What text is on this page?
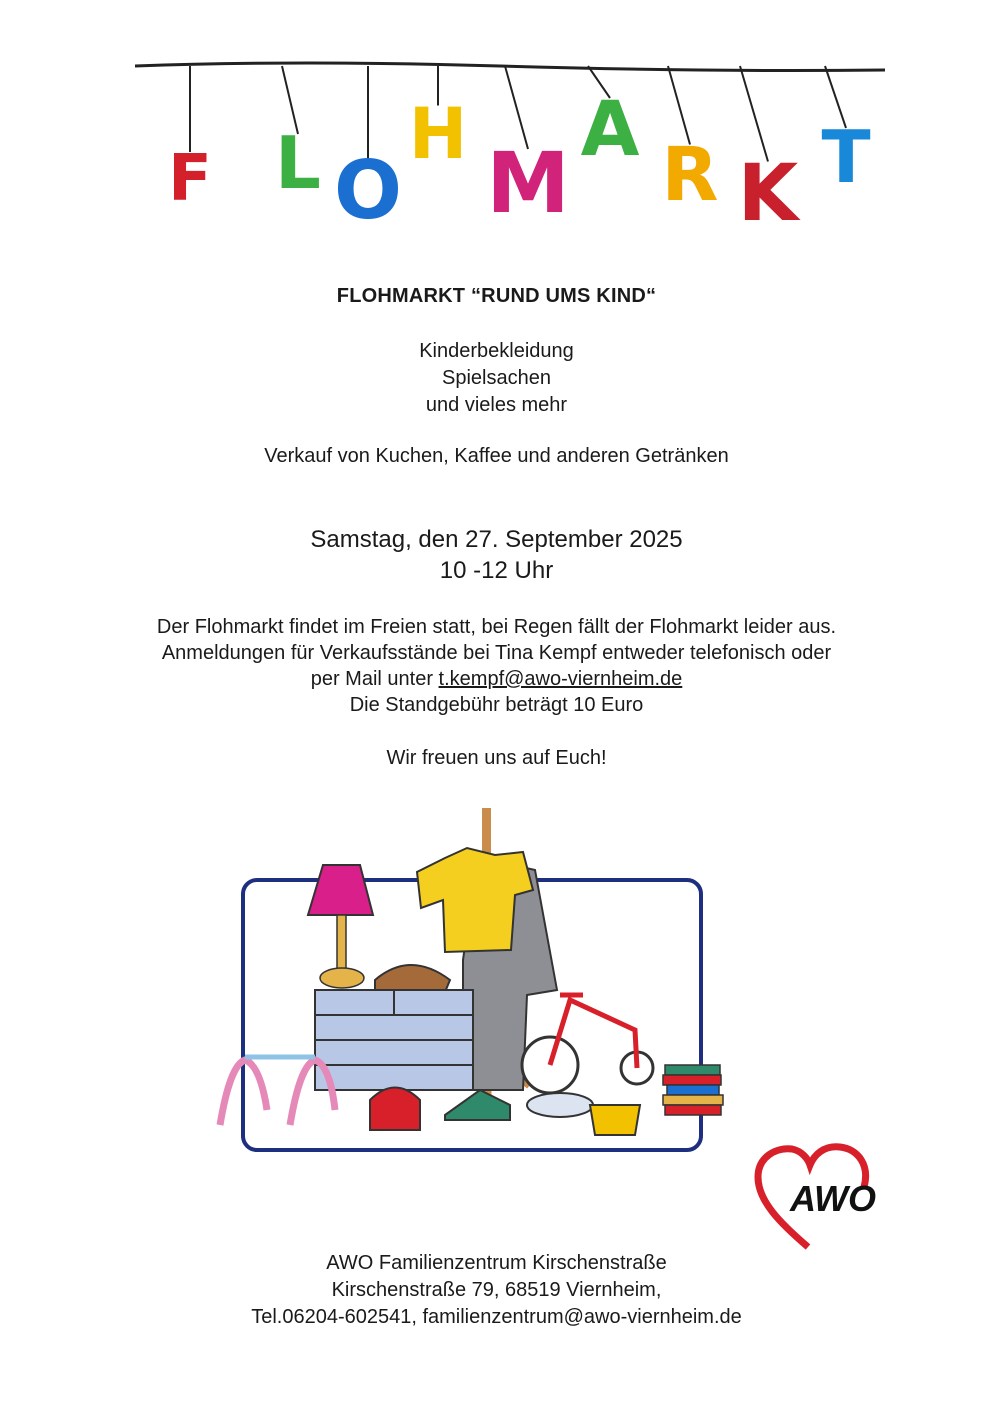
F L O
H M
A
R K T

FLOHMARKT “RUND UMS KIND“

Kinderbekleidung
Spielsachen
und vieles mehr

Verkauf von Kuchen, Kaffee und anderen Getränken

Samstag, den 27. September 2025
10 -12 Uhr
Der Flohmarkt findet im Freien statt, bei Regen fällt der Flohmarkt leider aus.
Anmeldungen für Verkaufsstände bei Tina Kempf entweder telefonisch oder
per Mail unter t.kempf@awo-viernheim.de
Die Standgebühr beträgt 10 Euro

Wir freuen uns auf Euch!

AWO
AWO Familienzentrum Kirschenstraße
Kirschenstraße 79, 68519 Viernheim,
Tel.06204-602541, familienzentrum@awo-viernheim.de
